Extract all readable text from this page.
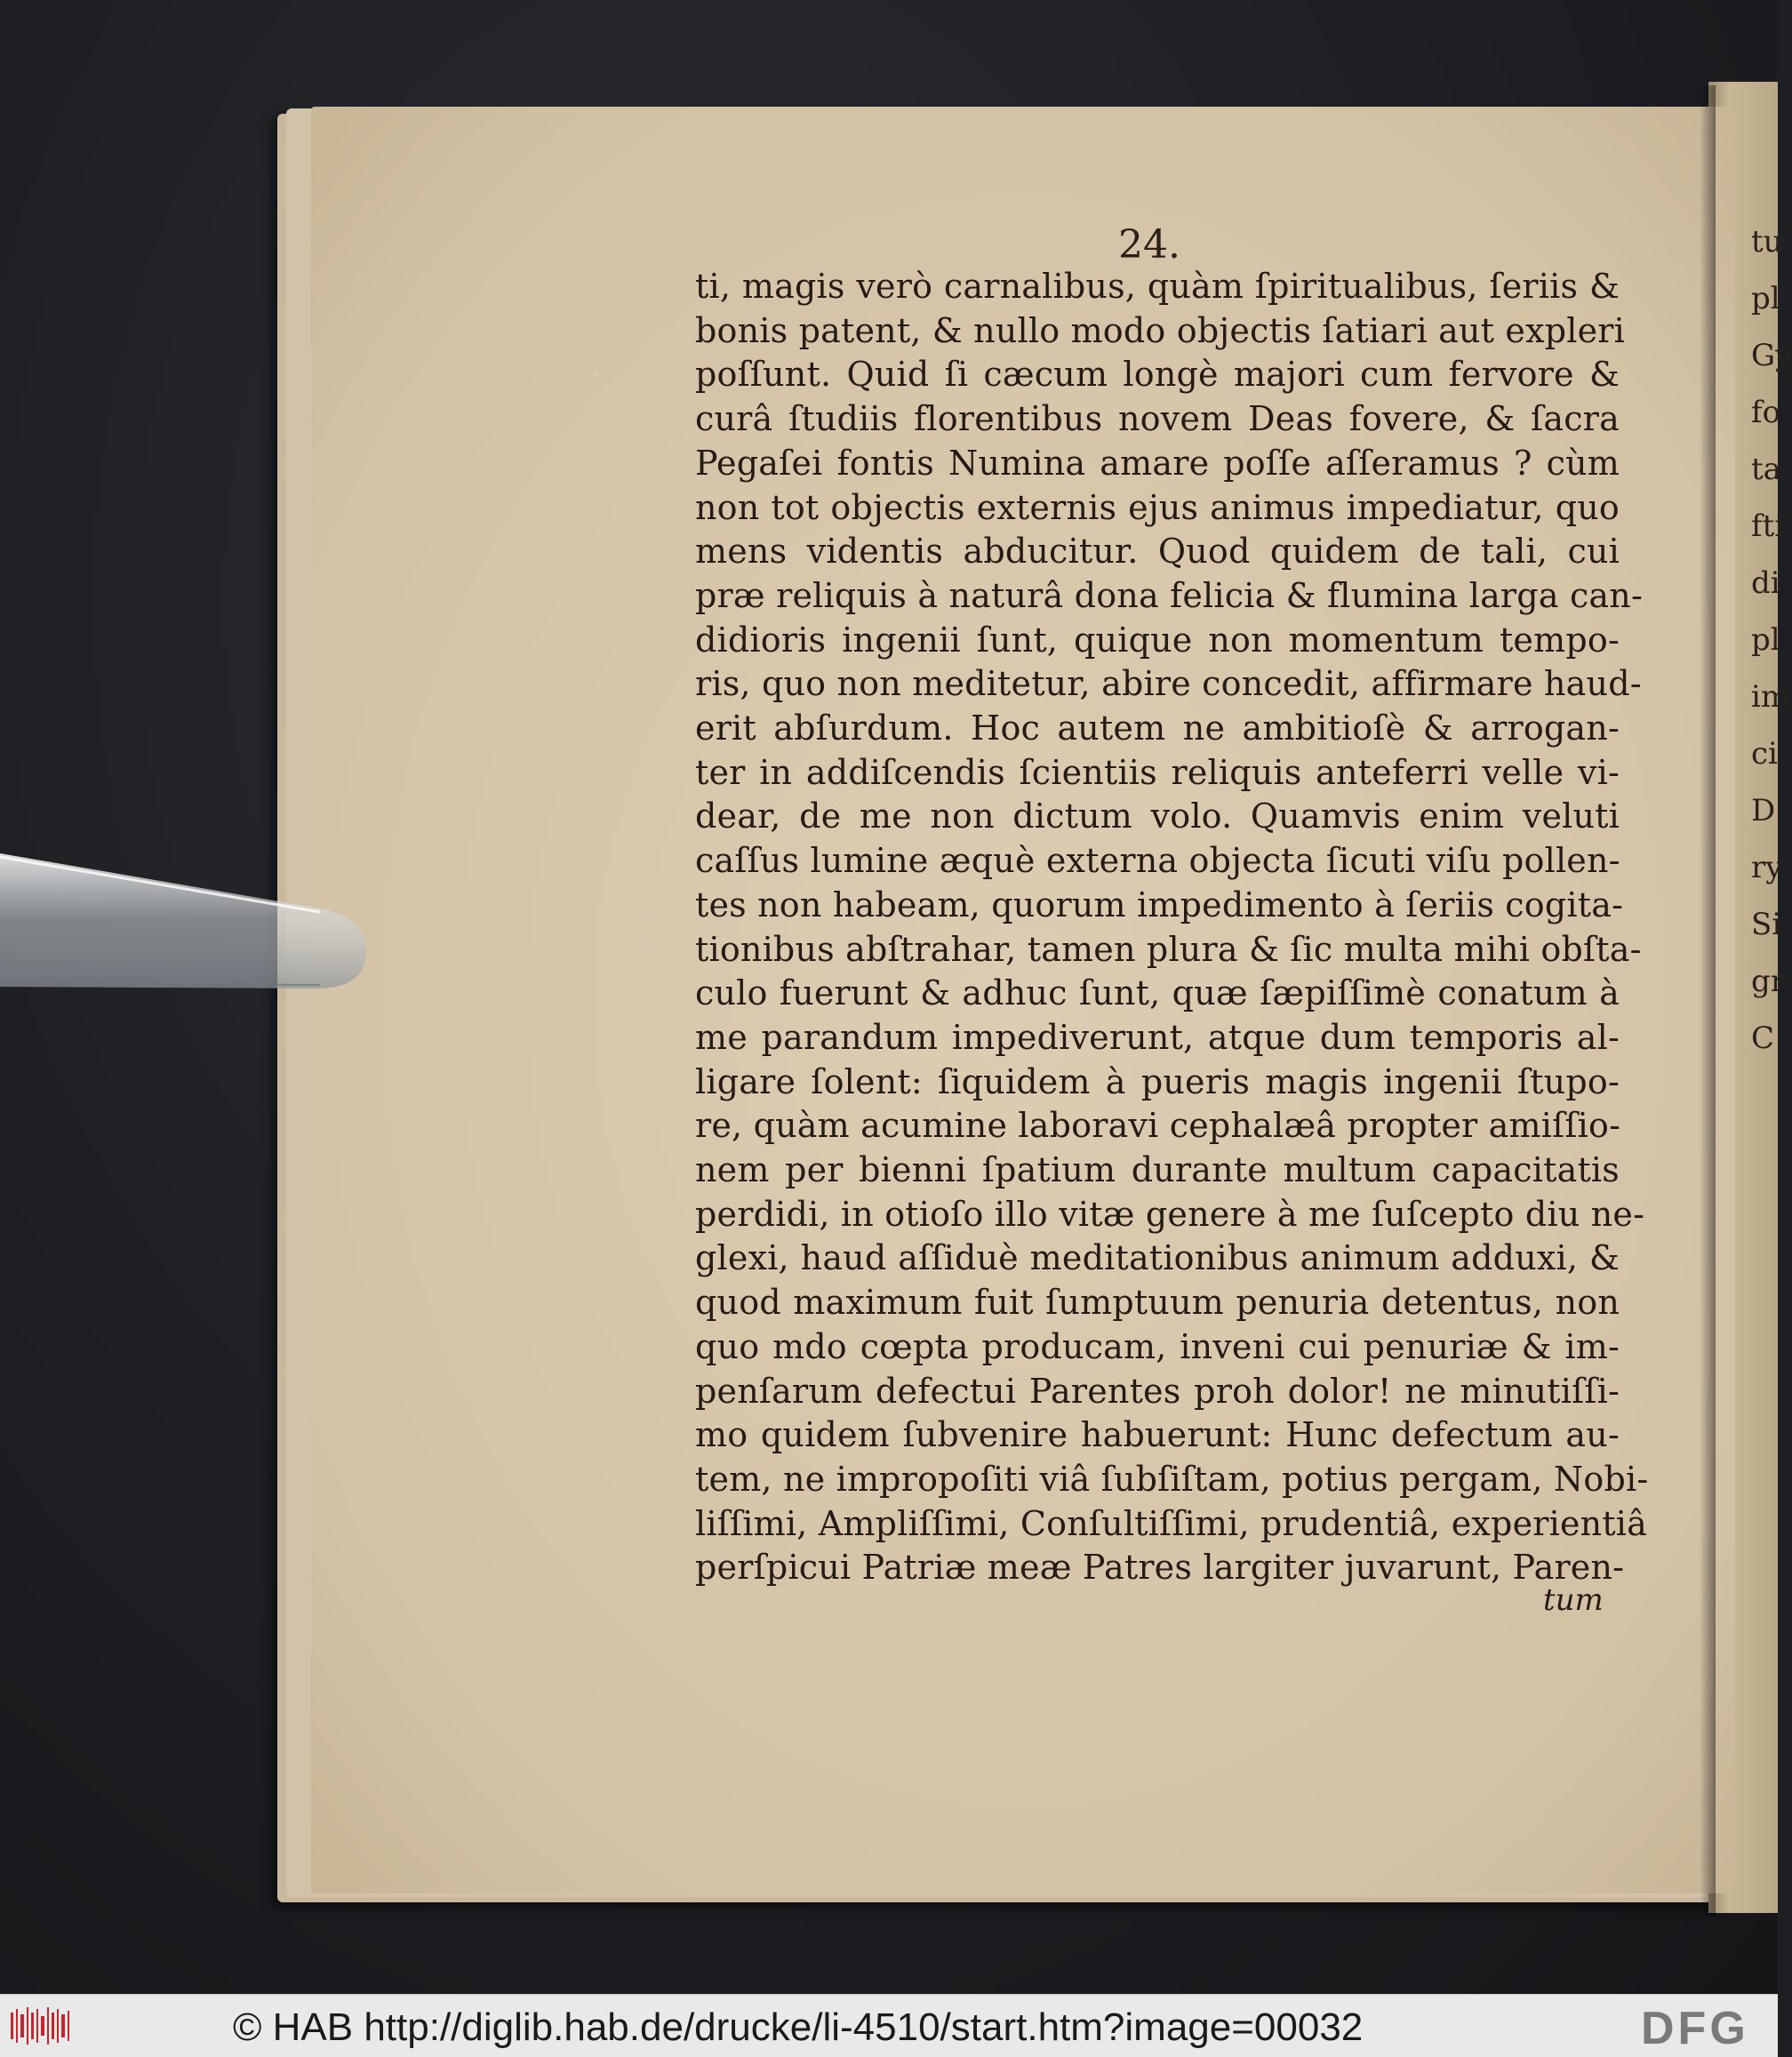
tu
pl
Gy
fo
ta
fti
di
pl
im
ci
D
ry
Si
gr
C
24.
ti, magis verò carnalibus, quàm ſpiritualibus, ſeriis &
bonis patent, & nullo modo objectis ſatiari aut expleri
poſſunt. Quid ſi cæcum longè majori cum fervore &
curâ ſtudiis florentibus novem Deas fovere, & ſacra
Pegaſei fontis Numina amare poſſe aſſeramus ? cùm
non tot objectis externis ejus animus impediatur, quo
mens videntis abducitur. Quod quidem de tali, cui
præ reliquis à naturâ dona felicia & flumina larga can-
didioris ingenii ſunt, quique non momentum tempo-
ris, quo non meditetur, abire concedit, affirmare haud-
erit abſurdum. Hoc autem ne ambitioſè & arrogan-
ter in addiſcendis ſcientiis reliquis anteferri velle vi-
dear, de me non dictum volo. Quamvis enim veluti
caſſus lumine æquè externa objecta ſicuti viſu pollen-
tes non habeam, quorum impedimento à ſeriis cogita-
tionibus abſtrahar, tamen plura & ſic multa mihi obſta-
culo fuerunt & adhuc ſunt, quæ ſæpiſſimè conatum à
me parandum impediverunt, atque dum temporis al-
ligare ſolent: ſiquidem à pueris magis ingenii ſtupo-
re, quàm acumine laboravi cephalæâ propter amiſſio-
nem per bienni ſpatium durante multum capacitatis
perdidi, in otioſo illo vitæ genere à me ſuſcepto diu ne-
glexi, haud aſſiduè meditationibus animum adduxi, &
quod maximum fuit ſumptuum penuria detentus, non
quo mdo cœpta producam, inveni cui penuriæ & im-
penſarum defectui Parentes proh dolor! ne minutiſſi-
mo quidem ſubvenire habuerunt: Hunc defectum au-
tem, ne impropoſiti viâ ſubſiſtam, potius pergam, Nobi-
liſſimi, Ampliſſimi, Conſultiſſimi, prudentiâ, experientiâ
perſpicui Patriæ meæ Patres largiter juvarunt, Paren-
tum
© HAB http://diglib.hab.de/drucke/li-4510/start.htm?image=00032	DFG
